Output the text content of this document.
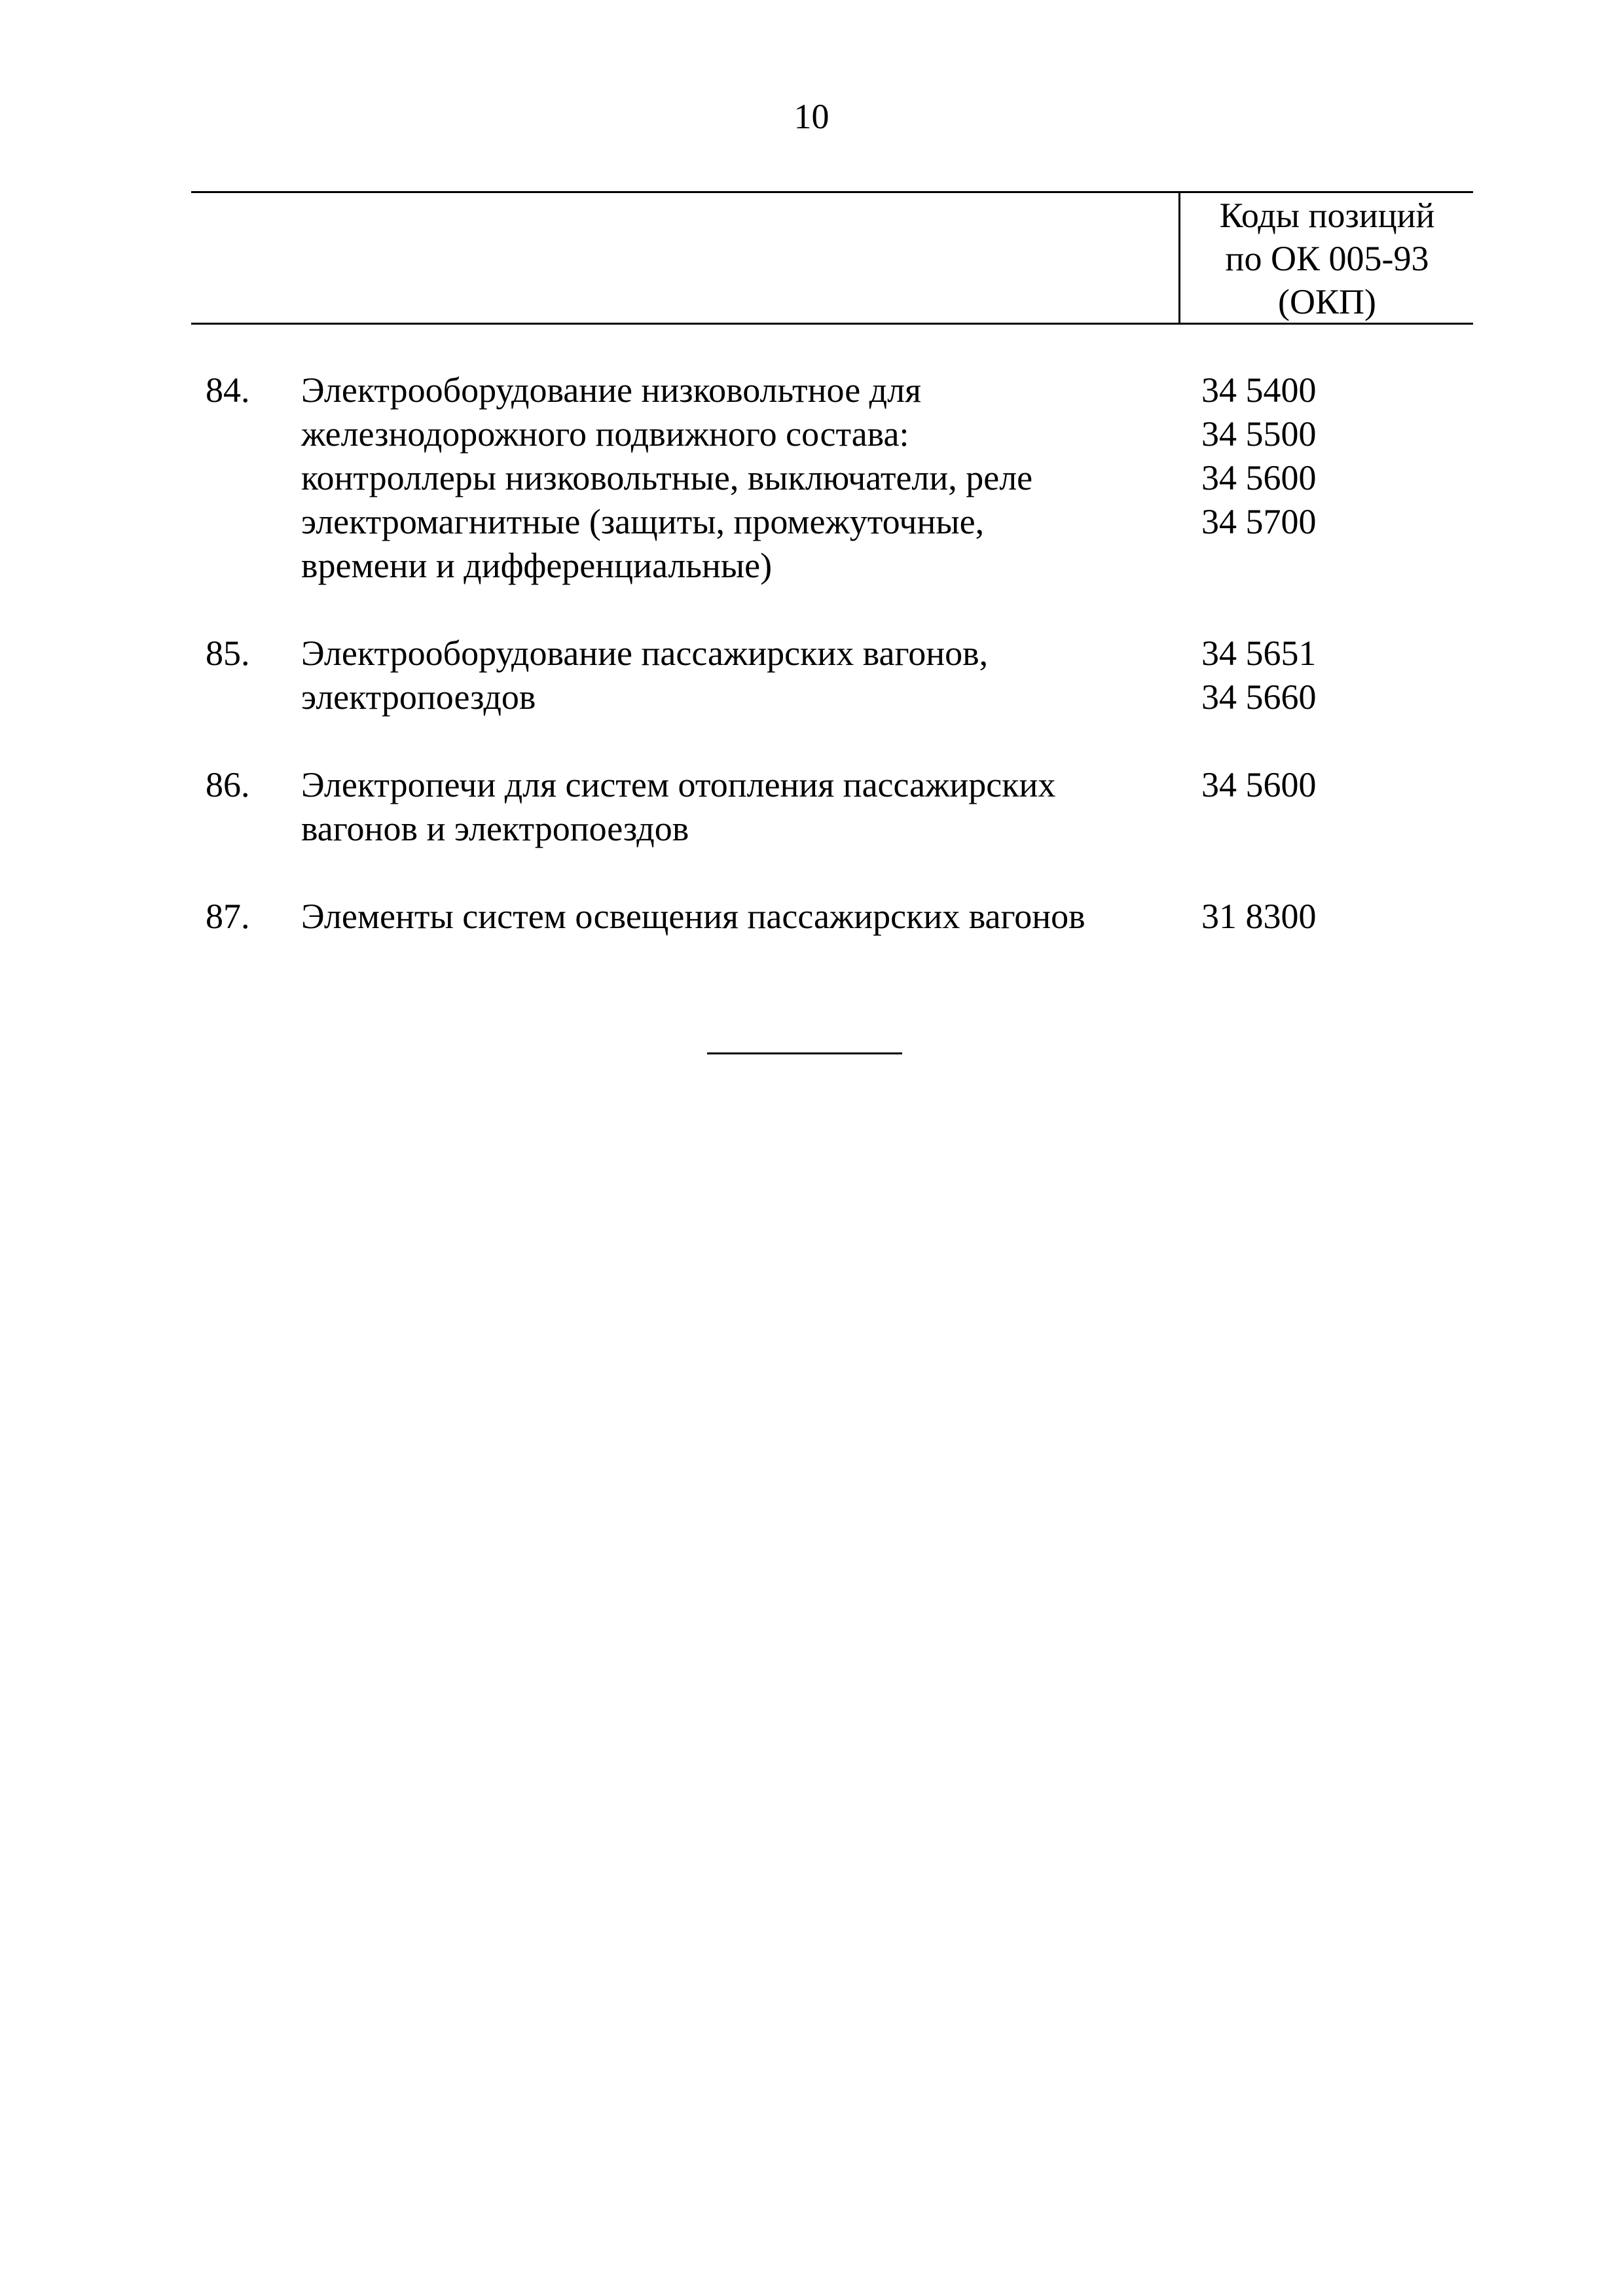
10
Коды позиций
по ОК 005-93
(ОКП)
84. Электрооборудование низковольтное для
железнодорожного подвижного состава:
контроллеры низковольтные, выключатели, реле
электромагнитные (защиты, промежуточные,
времени и дифференциальные)
34 5400
34 5500
34 5600
34 5700
85. Электрооборудование пассажирских вагонов,
электропоездов
34 5651
34 5660
86. Электропечи для систем отопления пассажирских
вагонов и электропоездов
34 5600
87. Элементы систем освещения пассажирских вагонов	31 8300
